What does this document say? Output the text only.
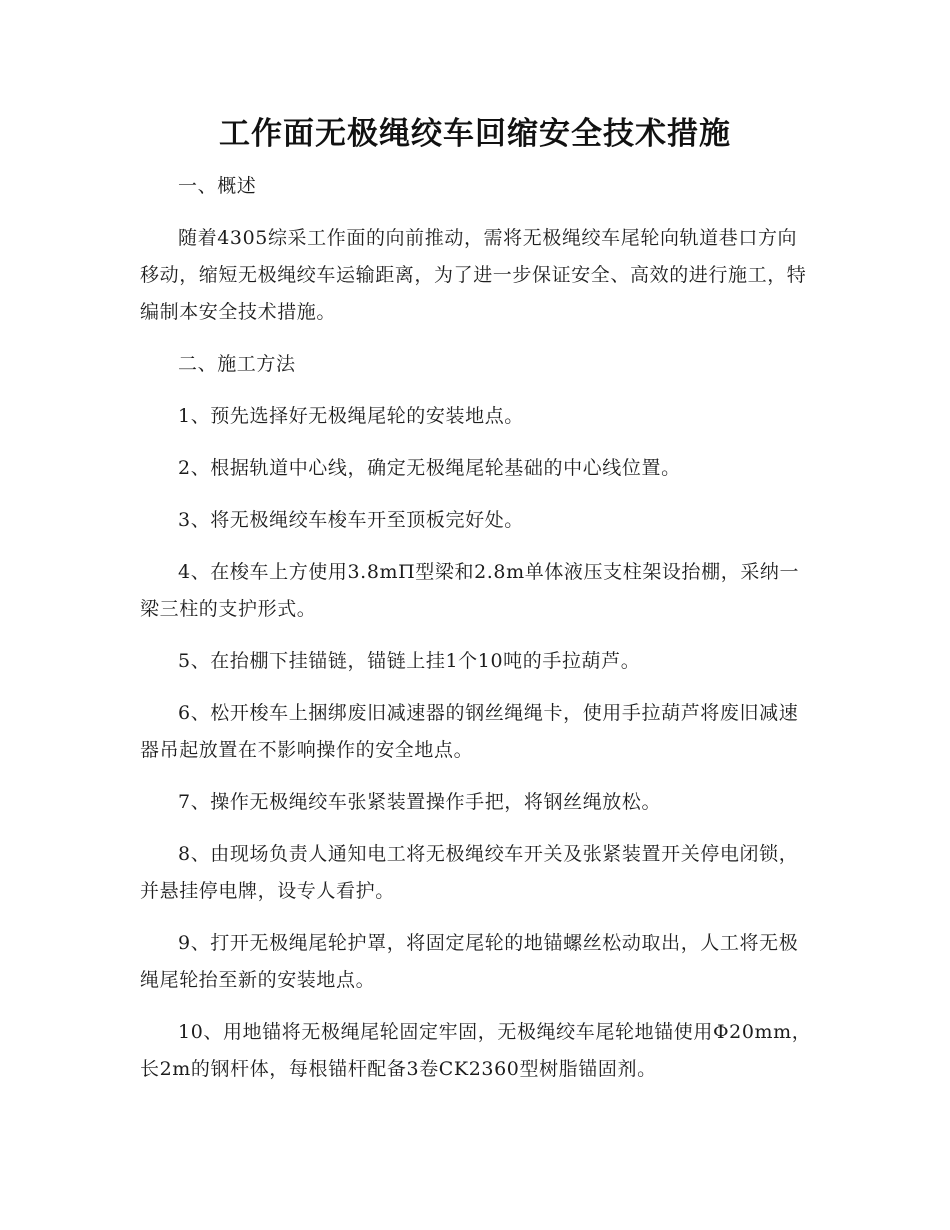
工作面无极绳绞车回缩安全技术措施

一、概述

随着4305综采工作面的向前推动，需将无极绳绞车尾轮向轨道巷口方向移动，缩短无极绳绞车运输距离，为了进一步保证安全、高效的进行施工，特编制本安全技术措施。

二、施工方法

1、预先选择好无极绳尾轮的安装地点。

2、根据轨道中心线，确定无极绳尾轮基础的中心线位置。

3、将无极绳绞车梭车开至顶板完好处。

4、在梭车上方使用3.8mП型梁和2.8m单体液压支柱架设抬棚，采纳一梁三柱的支护形式。

5、在抬棚下挂锚链，锚链上挂1个10吨的手拉葫芦。

6、松开梭车上捆绑废旧减速器的钢丝绳绳卡，使用手拉葫芦将废旧减速器吊起放置在不影响操作的安全地点。

7、操作无极绳绞车张紧装置操作手把，将钢丝绳放松。

8、由现场负责人通知电工将无极绳绞车开关及张紧装置开关停电闭锁，并悬挂停电牌，设专人看护。

9、打开无极绳尾轮护罩，将固定尾轮的地锚螺丝松动取出，人工将无极绳尾轮抬至新的安装地点。

10、用地锚将无极绳尾轮固定牢固，无极绳绞车尾轮地锚使用Φ20mm，长2m的钢杆体，每根锚杆配备3卷CK2360型树脂锚固剂。
